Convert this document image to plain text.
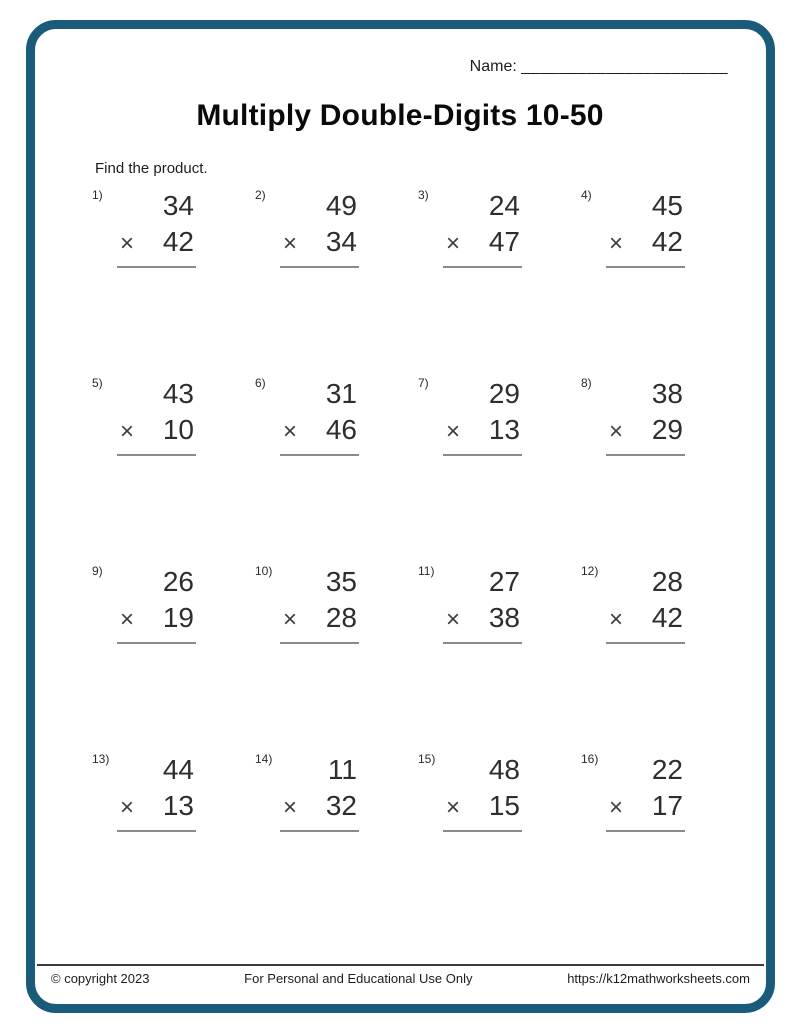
Name: ______________________
Multiply Double-Digits 10-50
Find the product.
1)	34
× 42
2)	49
× 34
3)	24
× 47
4)	45
× 42
5)	43
× 10
6)	31
× 46
7)	29
× 13
8)	38
× 29
9)	26
× 19
10)	35
× 28
11)	27
× 38
12)	28
× 42
13)	44
× 13
14)	11
× 32
15)	48
× 15
16)	22
× 17
© copyright 2023	For Personal and Educational Use Only	https://k12mathworksheets.com
